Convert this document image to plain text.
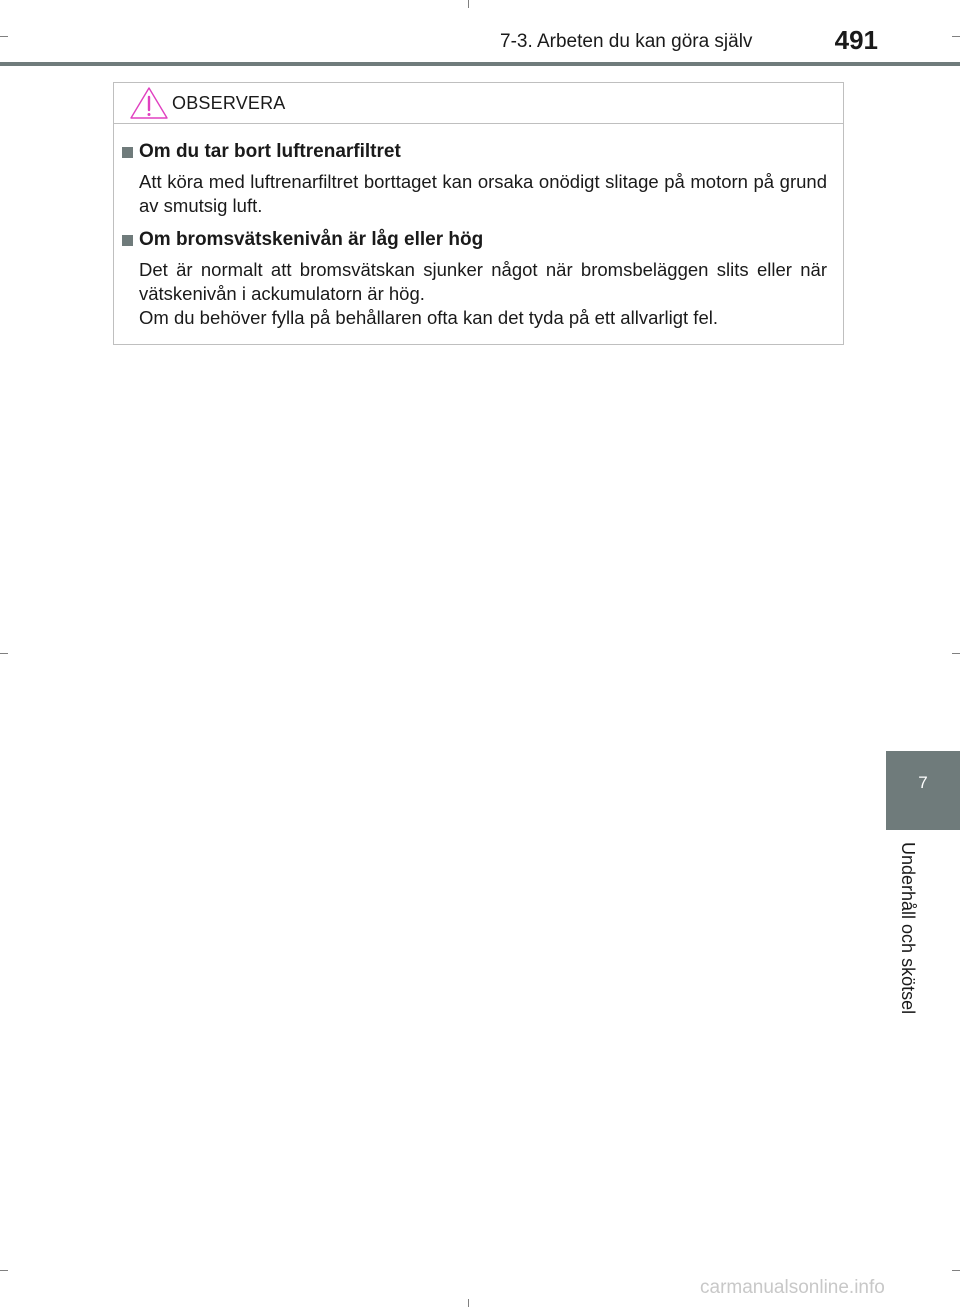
7-3. Arbeten du kan göra själv	491
OBSERVERA
Om du tar bort luftrenarfiltret

Att köra med luftrenarfiltret borttaget kan orsaka onödigt slitage på motorn på grund av smutsig luft.

Om bromsvätskenivån är låg eller hög

Det är normalt att bromsvätskan sjunker något när bromsbeläggen slits eller när vätskenivån i ackumulatorn är hög.

Om du behöver fylla på behållaren ofta kan det tyda på ett allvarligt fel.

7
Underhåll och skötsel
carmanualsonline.info
